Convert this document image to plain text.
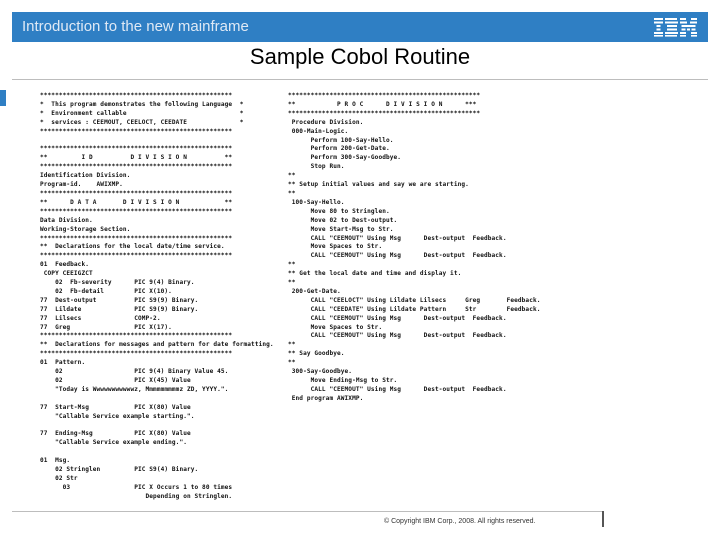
Introduction to the new mainframe
Sample Cobol Routine
***************************************************
*  This program demonstrates the following Language  *
*  Environment callable                              *
*  services : CEEMOUT, CEELOCT, CEEDATE              *
***************************************************

***************************************************
**         I D          D I V I S I O N          **
***************************************************
Identification Division.
Program-id.    AWIXMP.
***************************************************
**      D A T A       D I V I S I O N            **
***************************************************
Data Division.
Working-Storage Section.
***************************************************
**  Declarations for the local date/time service.
***************************************************
01  Feedback.
COPY CEEIGZCT
02  Fb-severity      PIC 9(4) Binary.
02  Fb-detail        PIC X(10).
77  Dest-output          PIC S9(9) Binary.
77  Lildate              PIC S9(9) Binary.
77  Lilsecs              COMP-2.
77  Greg                 PIC X(17).
***************************************************
**  Declarations for messages and pattern for date formatting.
***************************************************
01  Pattern.
02                   PIC 9(4) Binary Value 45.
02                   PIC X(45) Value
"Today is Wwwwwwwwwwwz, Mmmmmmmmmz ZD, YYYY.".

77  Start-Msg            PIC X(80) Value
"Callable Service example starting.".

77  Ending-Msg           PIC X(80) Value
"Callable Service example ending.".

01  Msg.
02 Stringlen         PIC S9(4) Binary.
02 Str
03                 PIC X Occurs 1 to 80 times
Depending on Stringlen.
***************************************************
**           P R O C      D I V I S I O N      ***
***************************************************
Procedure Division.
000-Main-Logic.
Perform 100-Say-Hello.
Perform 200-Get-Date.
Perform 300-Say-Goodbye.
Stop Run.
**
** Setup initial values and say we are starting.
**
100-Say-Hello.
Move 80 to Stringlen.
Move 02 to Dest-output.
Move Start-Msg to Str.
CALL "CEEMOUT" Using Msg      Dest-output  Feedback.
Move Spaces to Str.
CALL "CEEMOUT" Using Msg      Dest-output  Feedback.
**
** Get the local date and time and display it.
**
200-Get-Date.
CALL "CEELOCT" Using Lildate Lilsecs     Greg       Feedback.
CALL "CEEDATE" Using Lildate Pattern     Str        Feedback.
CALL "CEEMOUT" Using Msg      Dest-output  Feedback.
Move Spaces to Str.
CALL "CEEMOUT" Using Msg      Dest-output  Feedback.
**
** Say Goodbye.
**
300-Say-Goodbye.
Move Ending-Msg to Str.
CALL "CEEMOUT" Using Msg      Dest-output  Feedback.
End program AWIXMP.
© Copyright IBM Corp., 2008. All rights reserved.
